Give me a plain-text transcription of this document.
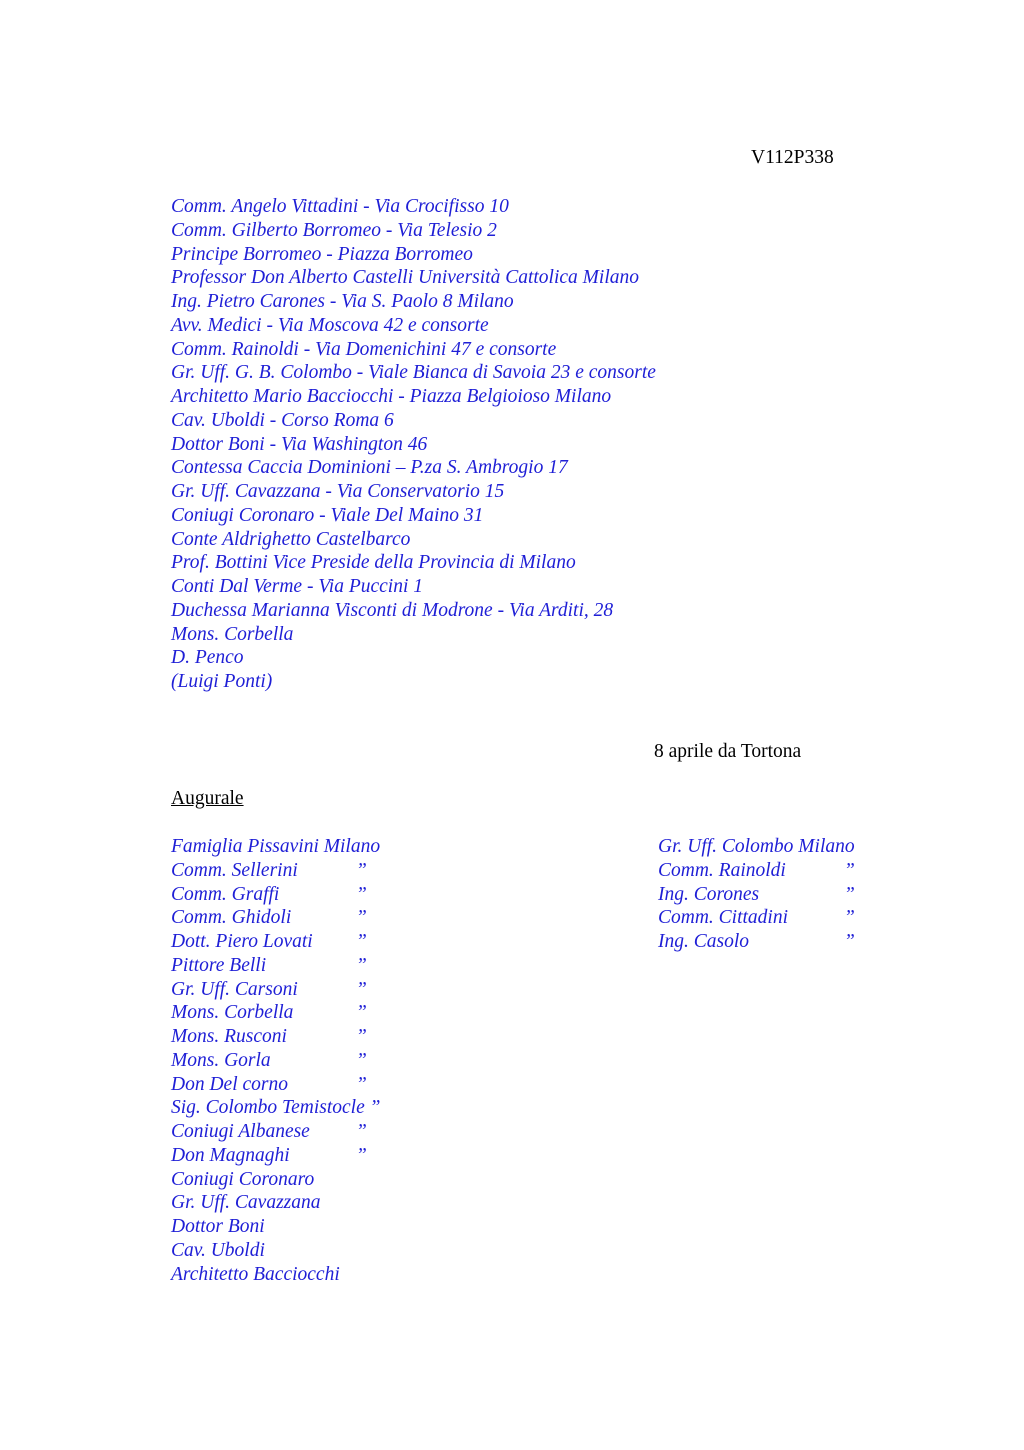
V112P338
Comm. Angelo Vittadini - Via Crocifisso 10
Comm. Gilberto Borromeo - Via Telesio 2
Principe Borromeo - Piazza Borromeo
Professor Don Alberto Castelli Università Cattolica Milano
Ing. Pietro Carones - Via S. Paolo 8 Milano
Avv. Medici - Via Moscova 42 e consorte
Comm. Rainoldi - Via Domenichini 47 e consorte
Gr. Uff. G. B. Colombo - Viale Bianca di Savoia 23 e consorte
Architetto Mario Bacciocchi - Piazza Belgioioso Milano
Cav. Uboldi - Corso Roma 6
Dottor Boni - Via Washington 46
Contessa Caccia Dominioni – P.za S. Ambrogio 17
Gr. Uff. Cavazzana - Via Conservatorio 15
Coniugi Coronaro - Viale Del Maino 31
Conte Aldrighetto Castelbarco
Prof. Bottini Vice Preside della Provincia di Milano
Conti Dal Verme - Via Puccini 1
Duchessa Marianna Visconti di Modrone - Via Arditi, 28
Mons. Corbella
D. Penco
(Luigi Ponti)
8 aprile da Tortona
Augurale
Famiglia Pissavini Milano
Comm. Sellerini	”
Comm. Graffi	”
Comm. Ghidoli	”
Dott. Piero Lovati ”
Pittore Belli	”
Gr. Uff. Carsoni	”
Mons. Corbella	”
Mons. Rusconi	”
Mons. Gorla	”
Don Del corno	”
Sig. Colombo Temistocle ”
Coniugi Albanese ”
Don Magnaghi	”
Coniugi Coronaro
Gr. Uff. Cavazzana
Dottor Boni
Cav. Uboldi
Architetto Bacciocchi
Gr. Uff. Colombo Milano
Comm. Rainoldi	”
Ing. Corones	”
Comm. Cittadini	”
Ing. Casolo	”
